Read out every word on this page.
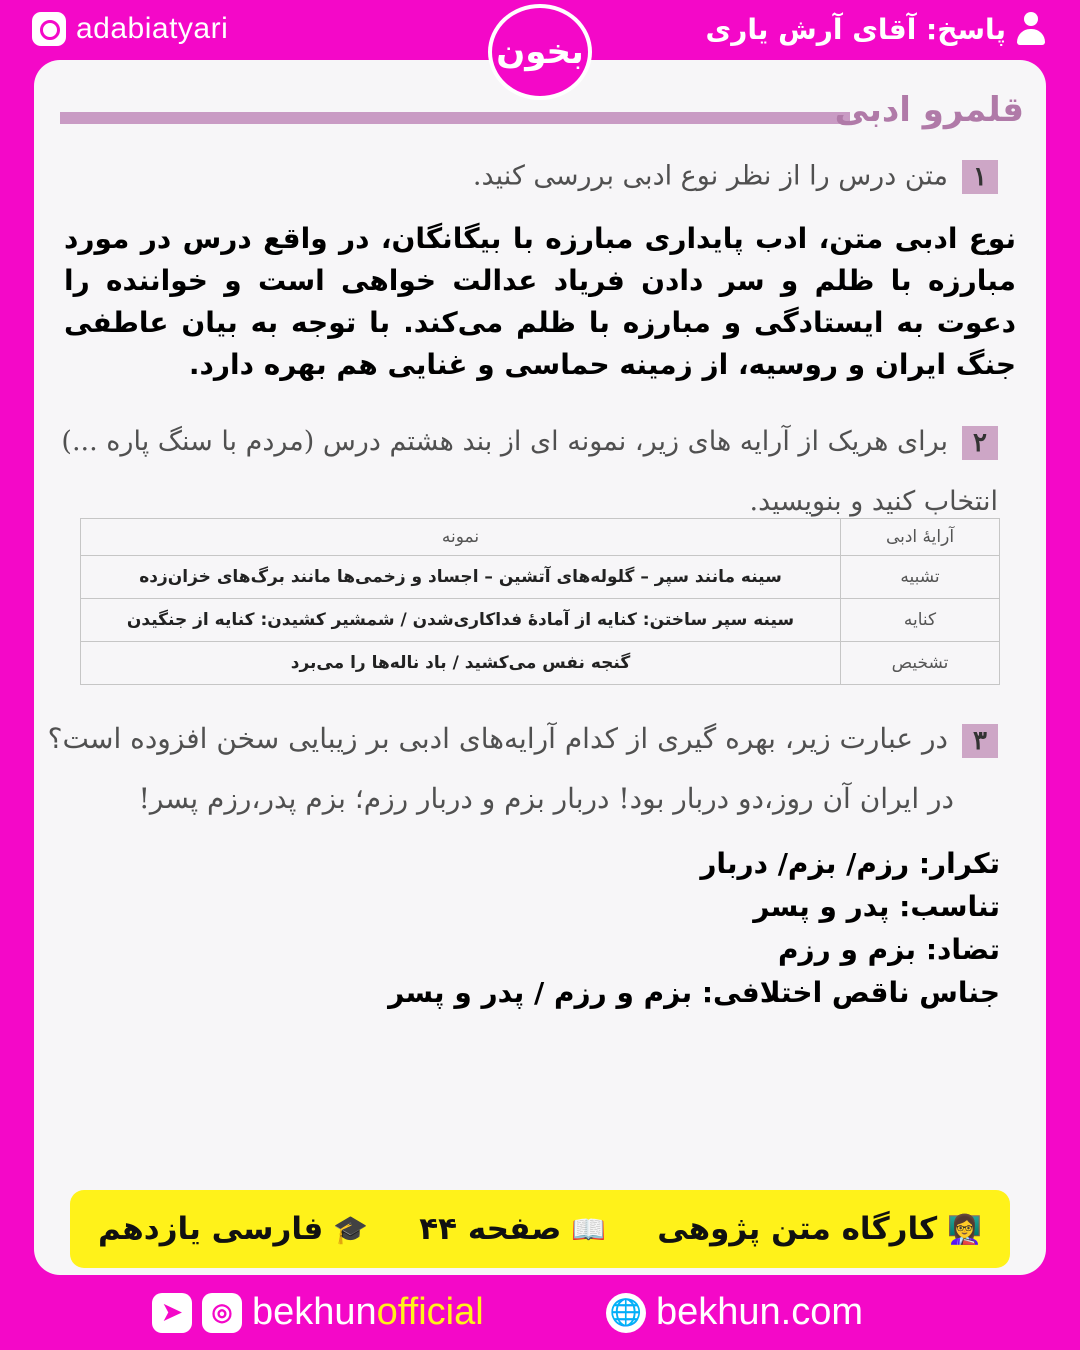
adabiatyari	پاسخ: آقای آرش یاری
بخون
قلمرو ادبی
۱متن درس را از نظر نوع ادبی بررسی کنید.
نوع ادبی متن، ادب پایداری مبارزه با بیگانگان، در واقع درس در مورد مبارزه با ظلم و سر دادن فریاد عدالت خواهی است و خواننده را دعوت به ایستادگی و مبارزه با ظلم می‌کند. با توجه به بیان عاطفی جنگ ایران و روسیه، از زمینه حماسی و غنایی هم بهره دارد.
۲برای هریک از آرایه های زیر، نمونه ای از بند هشتم درس (مردم با سنگ پاره ...) انتخاب کنید و بنویسید.
آرایهٔ ادبی	نمونه
تشبیه	سینه مانند سپر – گلوله‌های آتشین – اجساد و زخمی‌ها مانند برگ‌های خزان‌زده
کنایه	سینه سپر ساختن: کنایه از آمادهٔ فداکاری‌شدن / شمشیر کشیدن: کنایه از جنگیدن
تشخیص	گنجه نفس می‌کشید / باد ناله‌ها را می‌برد
۳در عبارت زیر، بهره گیری از کدام آرایه‌های ادبی بر زیبایی سخن افزوده است؟
در ایران آن روز،دو دربار بود! دربار بزم و دربار رزم؛ بزم پدر،رزم پسر!
تکرار: رزم/ بزم/ دربار
تناسب: پدر و پسر
تضاد: بزم و رزم
جناس ناقص اختلافی: بزم و رزم / پدر و پسر
👩‍🏫
کارگاه متن پژوهی
📖
صفحه ۴۴
🎓
فارسی یازدهم
➤	◎ bekhunofficial	🌐 bekhun.com
